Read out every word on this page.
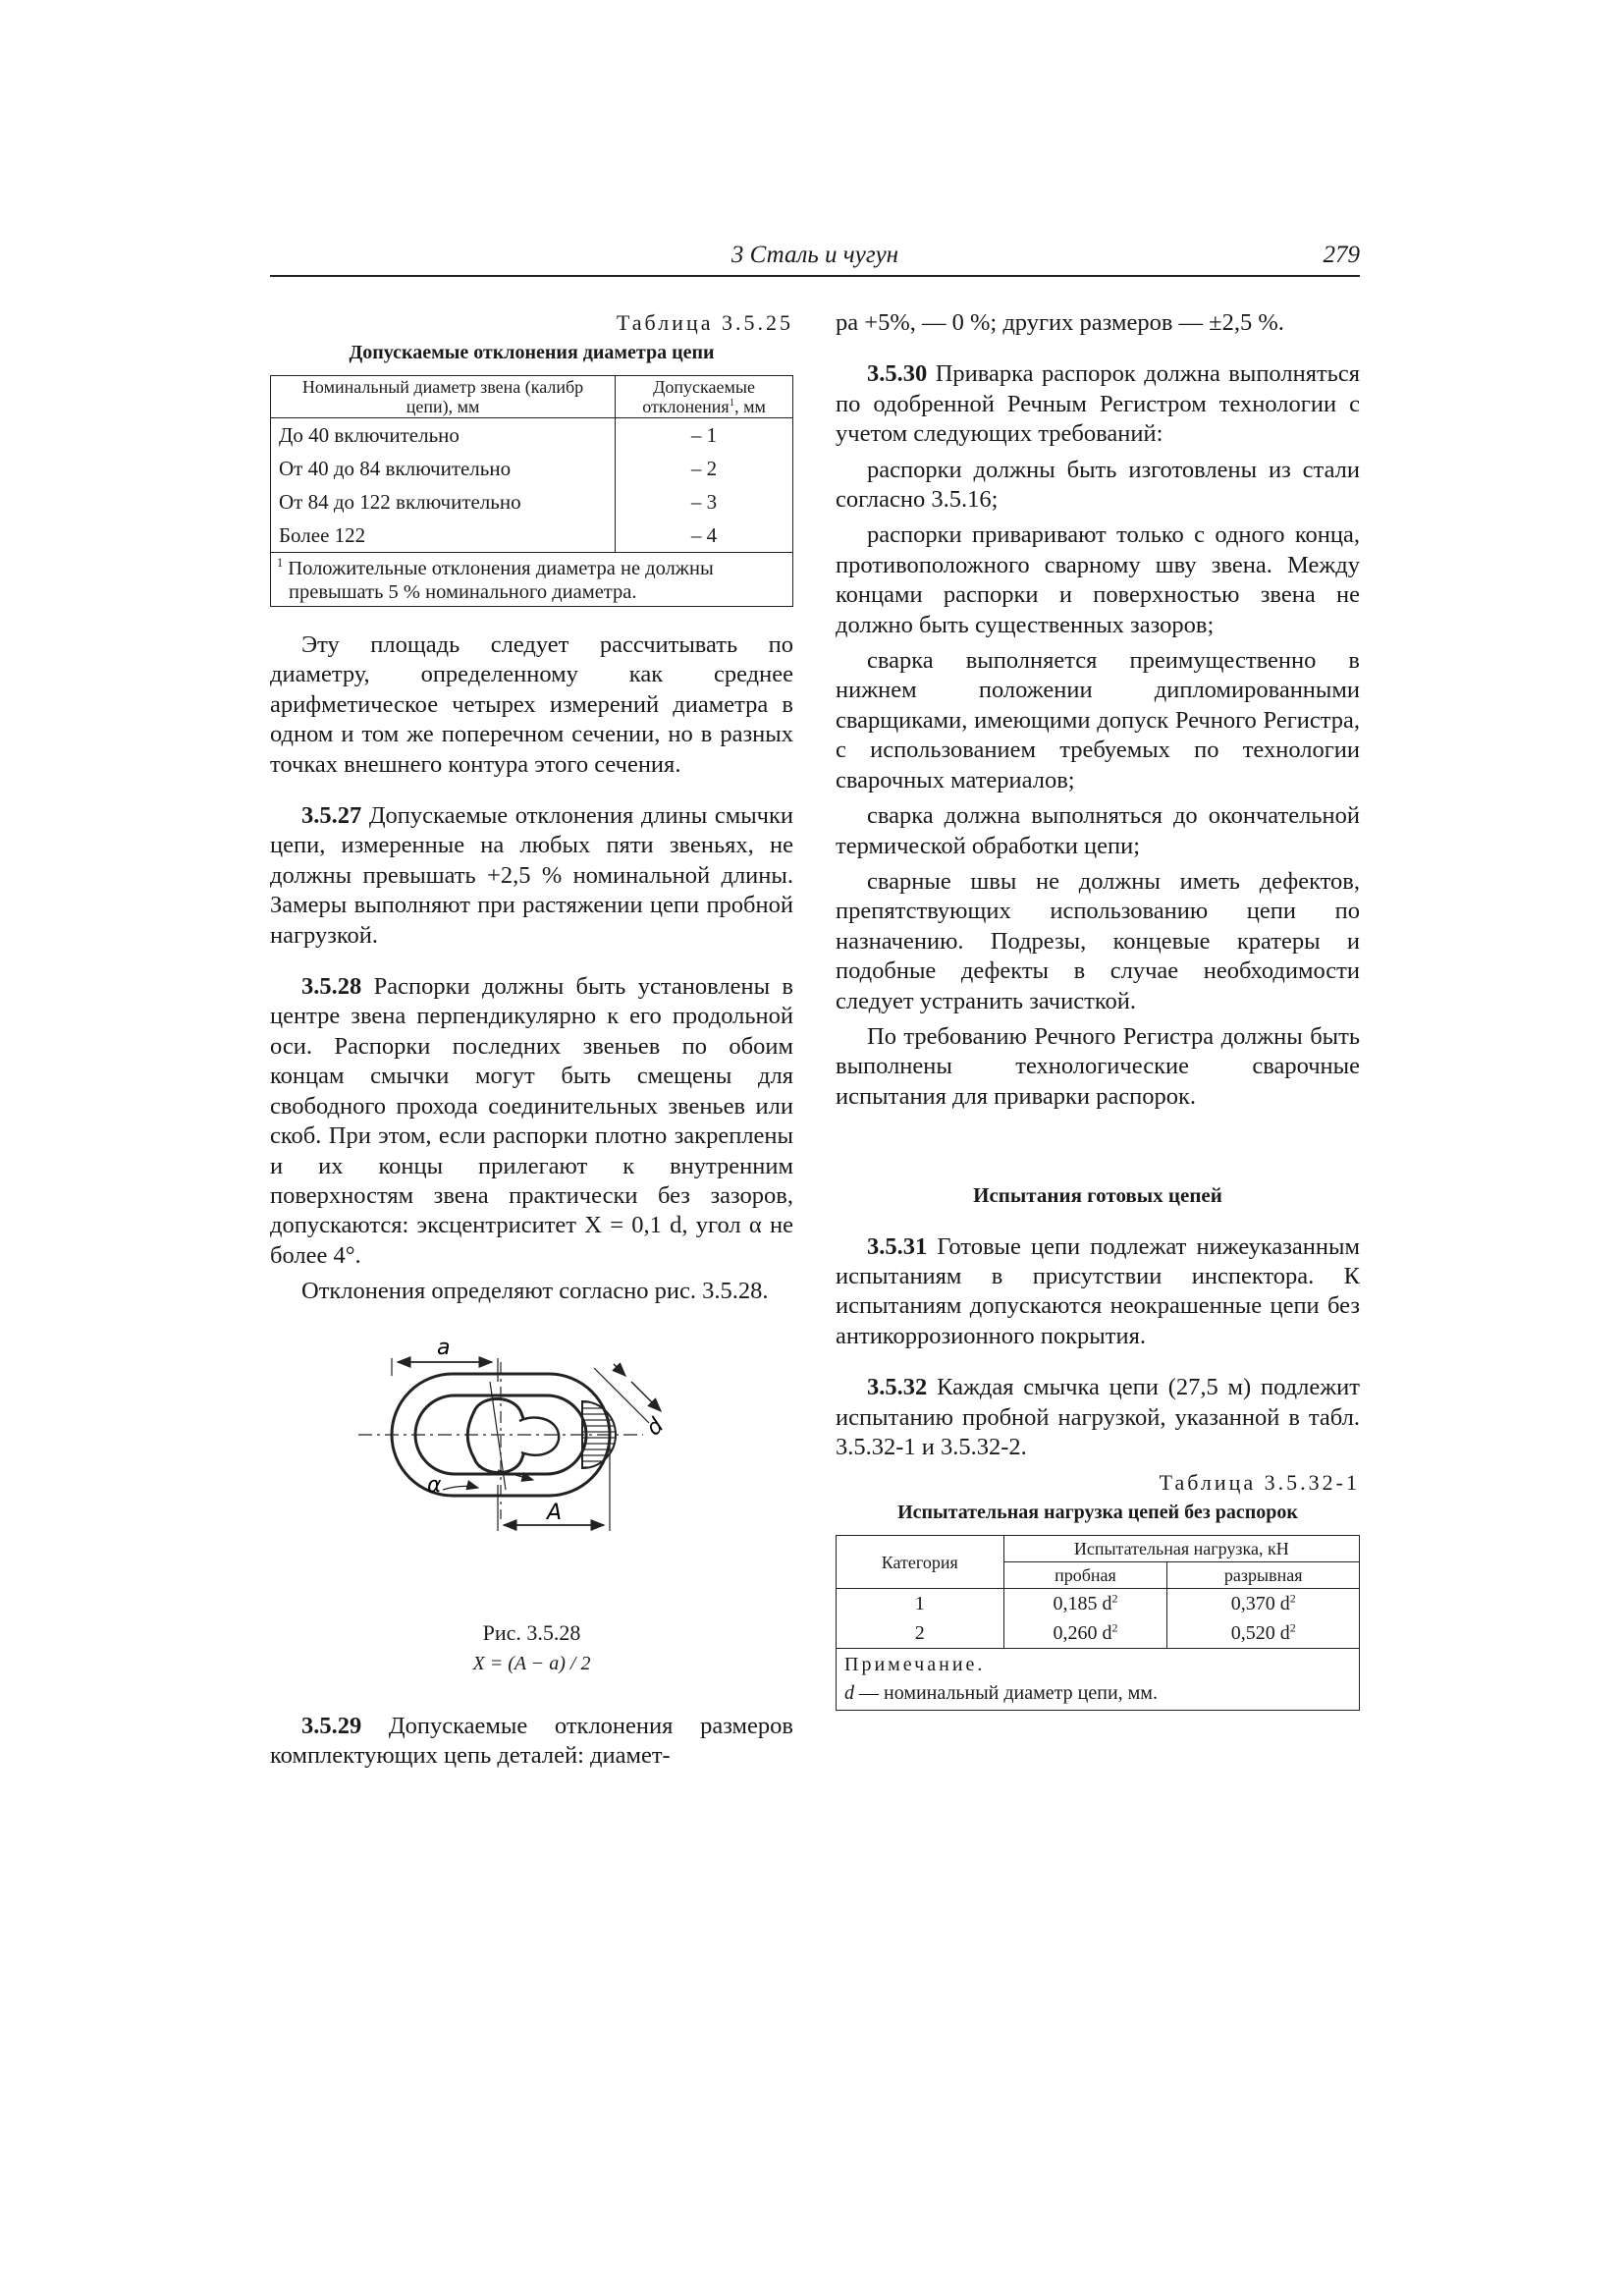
3 Сталь и чугун	279
Таблица 3.5.25
Допускаемые отклонения диаметра цепи
Номинальный диаметр звена (калибр цепи), мм	Допускаемые отклонения$^1$, мм
До 40 включительно	– 1
От 40 до 84 включительно	– 2
От 84 до 122 включительно	– 3
Более 122	– 4
$^1$ Положительные отклонения диаметра не должны превышать 5 % номинального диаметра.	

Эту площадь следует рассчитывать по диаметру, определенному как среднее арифметическое четырех измерений диаметра в одном и том же поперечном сечении, но в разных точках внешнего контура этого сечения.

3.5.27 Допускаемые отклонения длины смычки цепи, измеренные на любых пяти звеньях, не должны превышать +2,5 % номинальной длины. Замеры выполняют при растяжении цепи пробной нагрузкой.

3.5.28 Распорки должны быть установлены в центре звена перпендикулярно к его продольной оси. Распорки последних звеньев по обоим концам смычки могут быть смещены для свободного прохода соединительных звеньев или скоб. При этом, если распорки плотно закреплены и их концы прилегают к внутренним поверхностям звена практически без зазоров, допускаются: эксцентриситет X = 0,1 d, угол α не более 4°.

Отклонения определяют согласно рис. 3.5.28.

a
A
d
α
Рис. 3.5.28
X = (A − a) / 2

3.5.29 Допускаемые отклонения размеров комплектующих цепь деталей: диамет-

ра +5%, — 0 %; других размеров — ±2,5 %.

3.5.30 Приварка распорок должна выполняться по одобренной Речным Регистром технологии с учетом следующих требований:

распорки должны быть изготовлены из стали согласно 3.5.16;

распорки приваривают только с одного конца, противоположного сварному шву звена. Между концами распорки и поверхностью звена не должно быть существенных зазоров;

сварка выполняется преимущественно в нижнем положении дипломированными сварщиками, имеющими допуск Речного Регистра, с использованием требуемых по технологии сварочных материалов;

сварка должна выполняться до окончательной термической обработки цепи;

сварные швы не должны иметь дефектов, препятствующих использованию цепи по назначению. Подрезы, концевые кратеры и подобные дефекты в случае необходимости следует устранить зачисткой.

По требованию Речного Регистра должны быть выполнены технологические сварочные испытания для приварки распорок.

Испытания готовых цепей

3.5.31 Готовые цепи подлежат нижеуказанным испытаниям в присутствии инспектора. К испытаниям допускаются неокрашенные цепи без антикоррозионного покрытия.

3.5.32 Каждая смычка цепи (27,5 м) подлежит испытанию пробной нагрузкой, указанной в табл. 3.5.32-1 и 3.5.32-2.

Таблица 3.5.32-1
Испытательная нагрузка цепей без распорок
Категория	Испытательная нагрузка, кН	
	пробная	разрывная
1	0,185 $d^2$	0,370 $d^2$
2	0,260 $d^2$	0,520 $d^2$
Примечание.
d — номинальный диаметр цепи, мм.		
